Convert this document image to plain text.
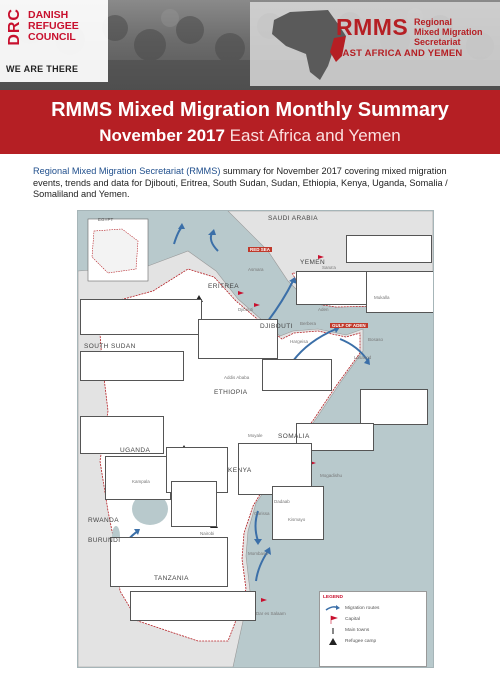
DRC DANISH
REFUGEE
COUNCIL
WE ARE THERE
RMMS Regional
Mixed Migration
Secretariat
EAST AFRICA AND YEMEN
RMMS Mixed Migration Monthly Summary
November 2017 East Africa and Yemen
Regional Mixed Migration Secretariat (RMMS) summary for November 2017 covering mixed migration events, trends and data for Djibouti, Eritrea, South Sudan, Sudan, Ethiopia, Kenya, Uganda, Somalia / Somaliland and Yemen.
SAUDI ARABIA
YEMEN
ERITREA
DJIBOUTI
SOUTH SUDAN
ETHIOPIA
SOMALIA
UGANDA
KENYA
RWANDA
BURUNDI
TANZANIA
EGYPT
RED SEA
GULF OF ADEN
Asmara	Sana'a
Mukalla
Aden
Djibouti
Berbera
Bosaso
Hargeisa
Lasanod
Addis Ababa
Kampala
Moyale
Mogadishu
Nairobi
Mombasa
Dar es Salaam
Garissa
Kismayo
Dadaab
LEGEND
Migration routes
Capital
Main towns
Refugee camp
